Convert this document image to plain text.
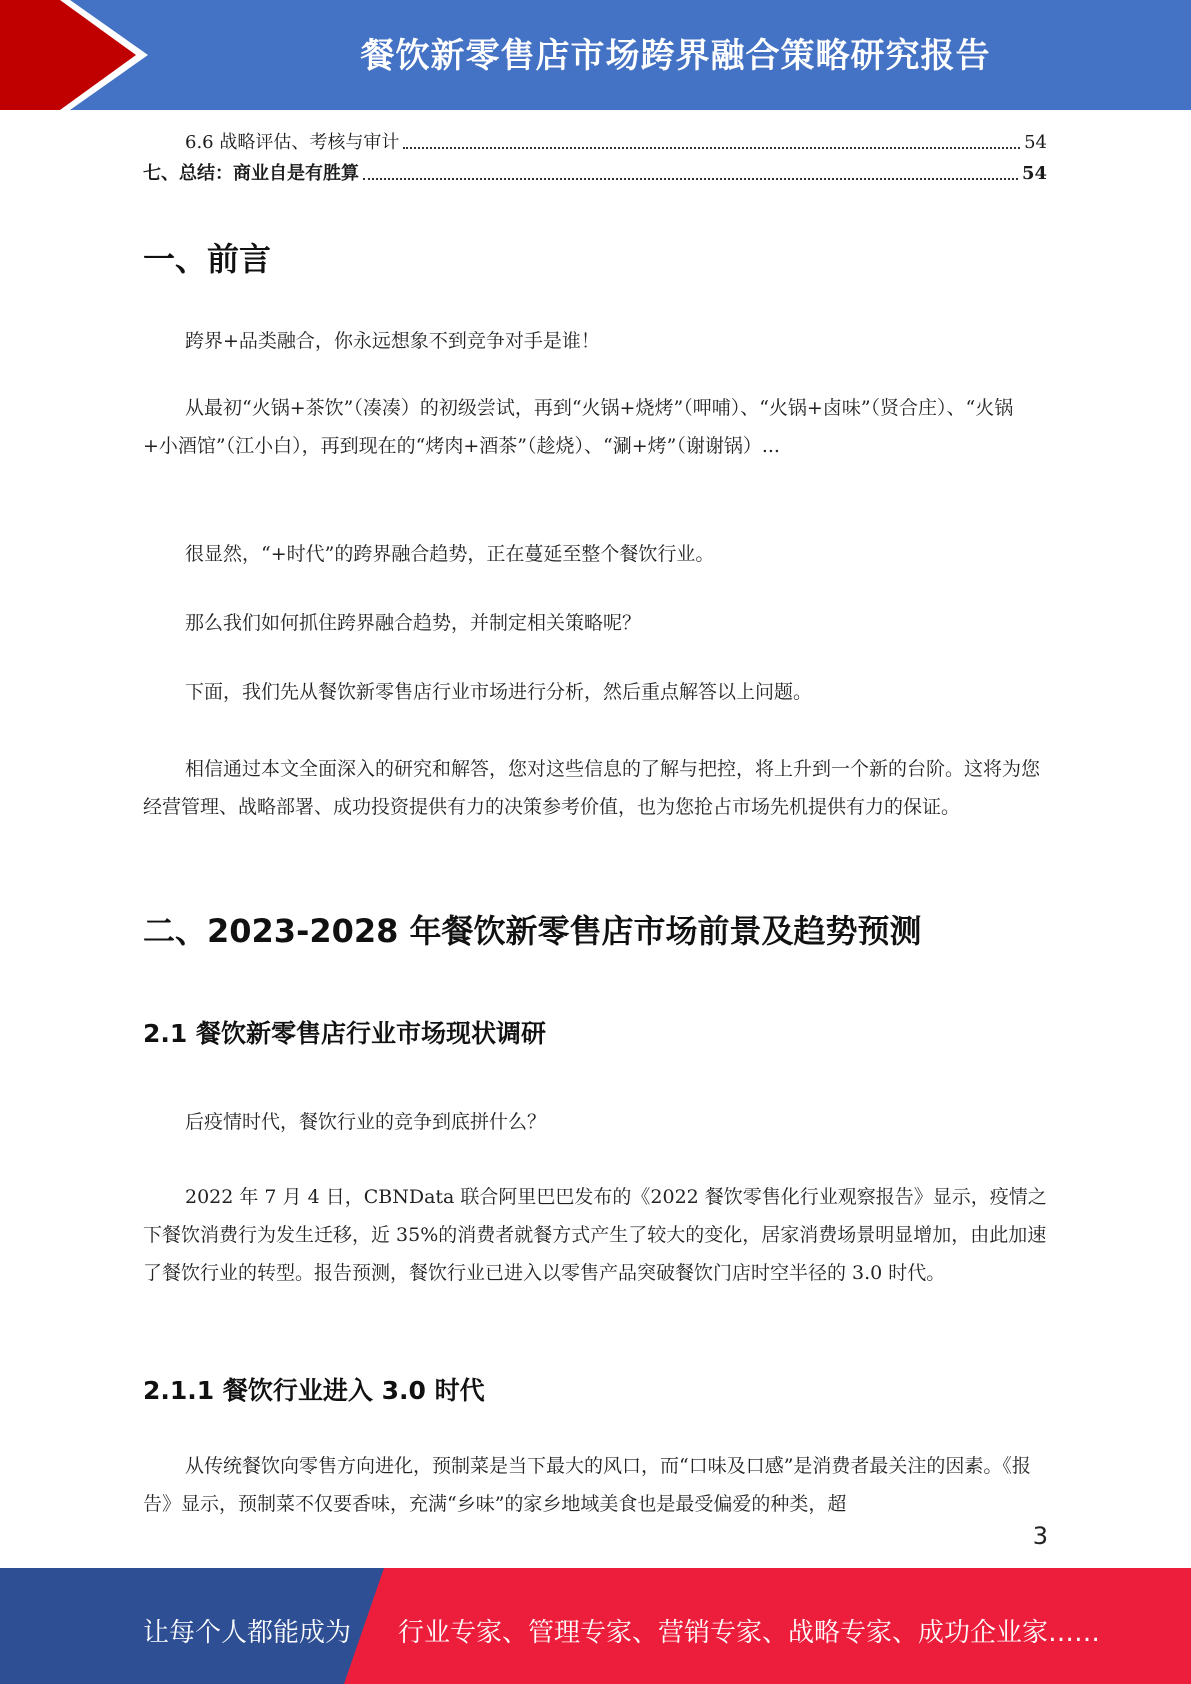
餐饮新零售店市场跨界融合策略研究报告
6.6 战略评估、考核与审计	54
七、总结：商业自是有胜算	54
一、前言

跨界+品类融合，你永远想象不到竞争对手是谁！

从最初“火锅+茶饮”（凑凑）的初级尝试，再到“火锅+烧烤”（呷哺）、“火锅+卤味”（贤合庄）、“火锅+小酒馆”（江小白），再到现在的“烤肉+酒茶”（趁烧）、“涮+烤”（谢谢锅）...

很显然，“+时代”的跨界融合趋势，正在蔓延至整个餐饮行业。

那么我们如何抓住跨界融合趋势，并制定相关策略呢？

下面，我们先从餐饮新零售店行业市场进行分析，然后重点解答以上问题。

相信通过本文全面深入的研究和解答，您对这些信息的了解与把控，将上升到一个新的台阶。这将为您经营管理、战略部署、成功投资提供有力的决策参考价值，也为您抢占市场先机提供有力的保证。

二、2023-2028 年餐饮新零售店市场前景及趋势预测
2.1 餐饮新零售店行业市场现状调研

后疫情时代，餐饮行业的竞争到底拼什么？

2022 年 7 月 4 日，CBNData 联合阿里巴巴发布的《2022 餐饮零售化行业观察报告》显示，疫情之下餐饮消费行为发生迁移，近 35%的消费者就餐方式产生了较大的变化，居家消费场景明显增加，由此加速了餐饮行业的转型。报告预测，餐饮行业已进入以零售产品突破餐饮门店时空半径的 3.0 时代。

2.1.1 餐饮行业进入 3.0 时代

从传统餐饮向零售方向进化，预制菜是当下最大的风口，而“口味及口感”是消费者最关注的因素。《报告》显示，预制菜不仅要香味，充满“乡味”的家乡地域美食也是最受偏爱的种类，超

3
让每个人都能成为 行业专家、管理专家、营销专家、战略专家、成功企业家……
